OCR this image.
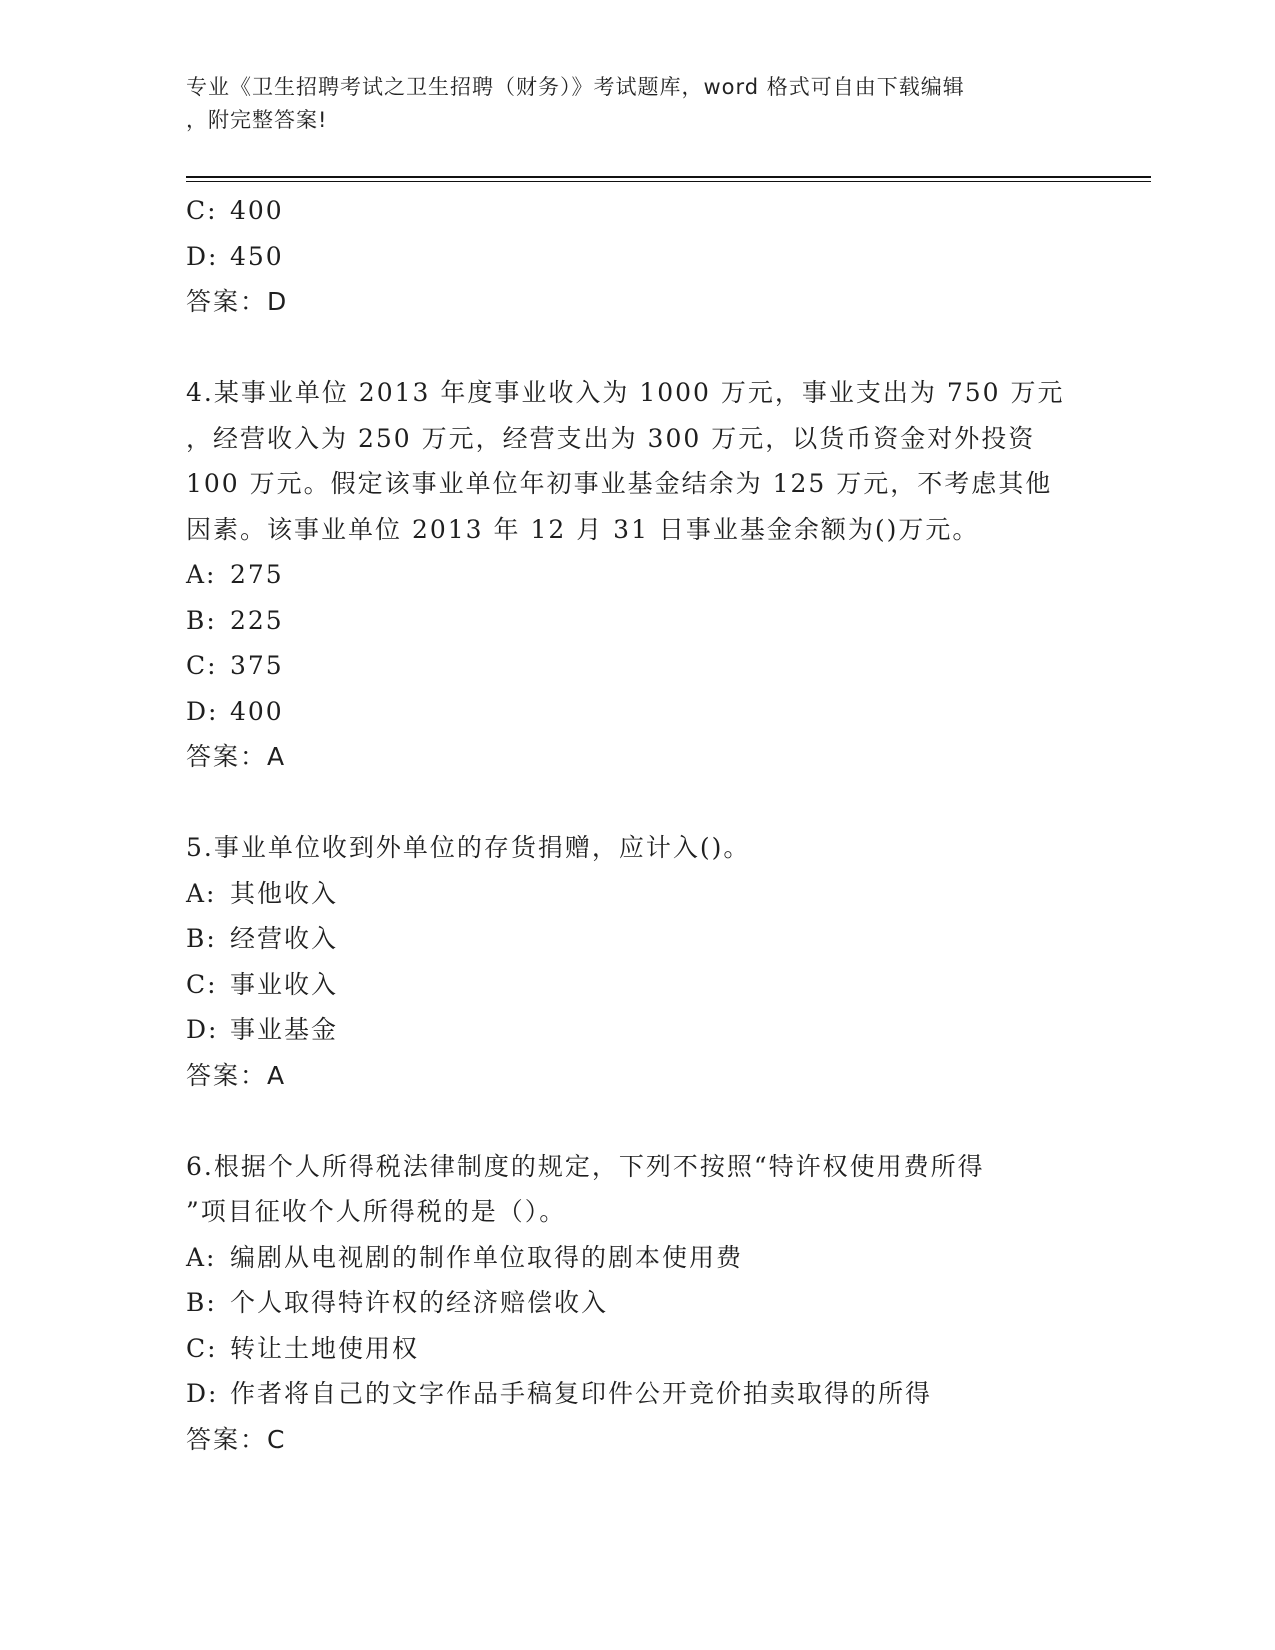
专业《卫生招聘考试之卫生招聘（财务）》考试题库，word 格式可自由下载编辑
，附完整答案!
C: 400
D: 450
答案：D
4.某事业单位 2013 年度事业收入为 1000 万元，事业支出为 750 万元
，经营收入为 250 万元，经营支出为 300 万元，以货币资金对外投资
100 万元。假定该事业单位年初事业基金结余为 125 万元，不考虑其他
因素。该事业单位 2013 年 12 月 31 日事业基金余额为()万元。
A: 275
B: 225
C: 375
D: 400
答案：A
5.事业单位收到外单位的存货捐赠，应计入()。
A: 其他收入
B: 经营收入
C: 事业收入
D: 事业基金
答案：A
6.根据个人所得税法律制度的规定，下列不按照“特许权使用费所得
”项目征收个人所得税的是（）。
A: 编剧从电视剧的制作单位取得的剧本使用费
B: 个人取得特许权的经济赔偿收入
C: 转让土地使用权
D: 作者将自己的文字作品手稿复印件公开竞价拍卖取得的所得
答案：C
